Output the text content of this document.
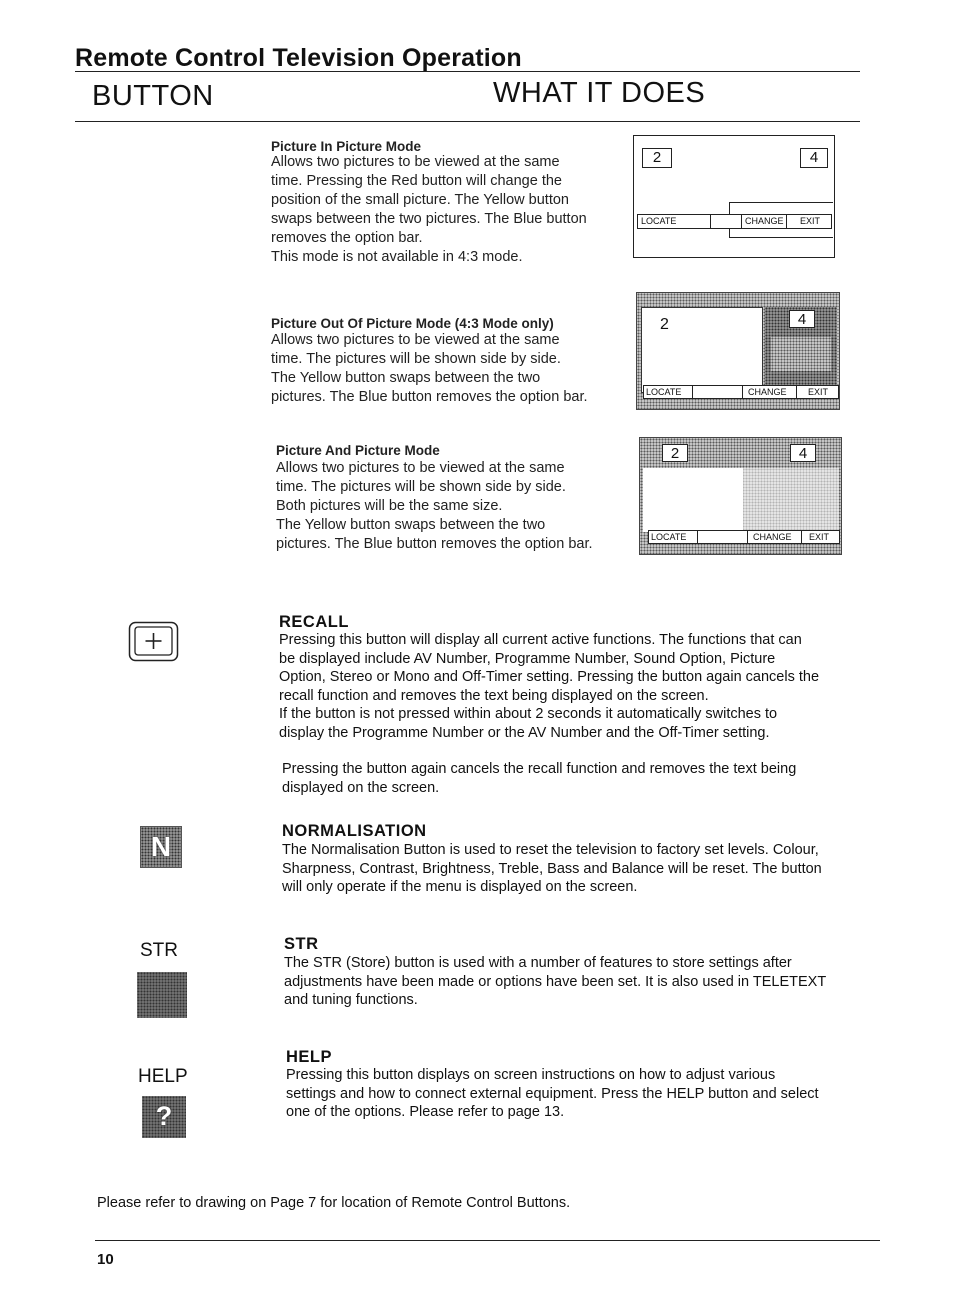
Remote Control Television Operation
BUTTON	WHAT IT DOES
Picture In Picture Mode
Allows two pictures to be viewed at the same
time. Pressing the Red button will change the
position of the small picture. The Yellow button
swaps between the two pictures. The Blue button
removes the option bar.
This mode is not available in 4:3 mode.
2	4
LOCATE	CHANGE EXIT
Picture Out Of Picture Mode (4:3 Mode only)
Allows two pictures to be viewed at the same
time. The pictures will be shown side by side.
The Yellow button swaps between the two
pictures. The Blue button removes the option bar.
2	4
LOCATE	CHANGE EXIT
Picture And Picture Mode
Allows two pictures to be viewed at the same
time. The pictures will be shown side by side.
Both pictures will be the same size.
The Yellow button swaps between the two
pictures. The Blue button removes the option bar.
2	4
LOCATE	CHANGE EXIT
RECALL
Pressing this button will display all current active functions. The functions that can
be displayed include AV Number, Programme Number, Sound Option, Picture
Option, Stereo or Mono and Off-Timer setting. Pressing the button again cancels the
recall function and removes the text being displayed on the screen.
If the button is not pressed within about 2 seconds it automatically switches to
display the Programme Number or the AV Number and the Off-Timer setting.
Pressing the button again cancels the recall function and removes the text being
displayed on the screen.
N	NORMALISATION
The Normalisation Button is used to reset the television to factory set levels. Colour,
Sharpness, Contrast, Brightness, Treble, Bass and Balance will be reset. The button
will only operate if the menu is displayed on the screen.
STR	STR
The STR (Store) button is used with a number of features to store settings after
adjustments have been made or options have been set. It is also used in TELETEXT
and tuning functions.
HELP
?
HELP
Pressing this button displays on screen instructions on how to adjust various
settings and how to connect external equipment. Press the HELP button and select
one of the options. Please refer to page 13.
Please refer to drawing on Page 7 for location of Remote Control Buttons.
10
